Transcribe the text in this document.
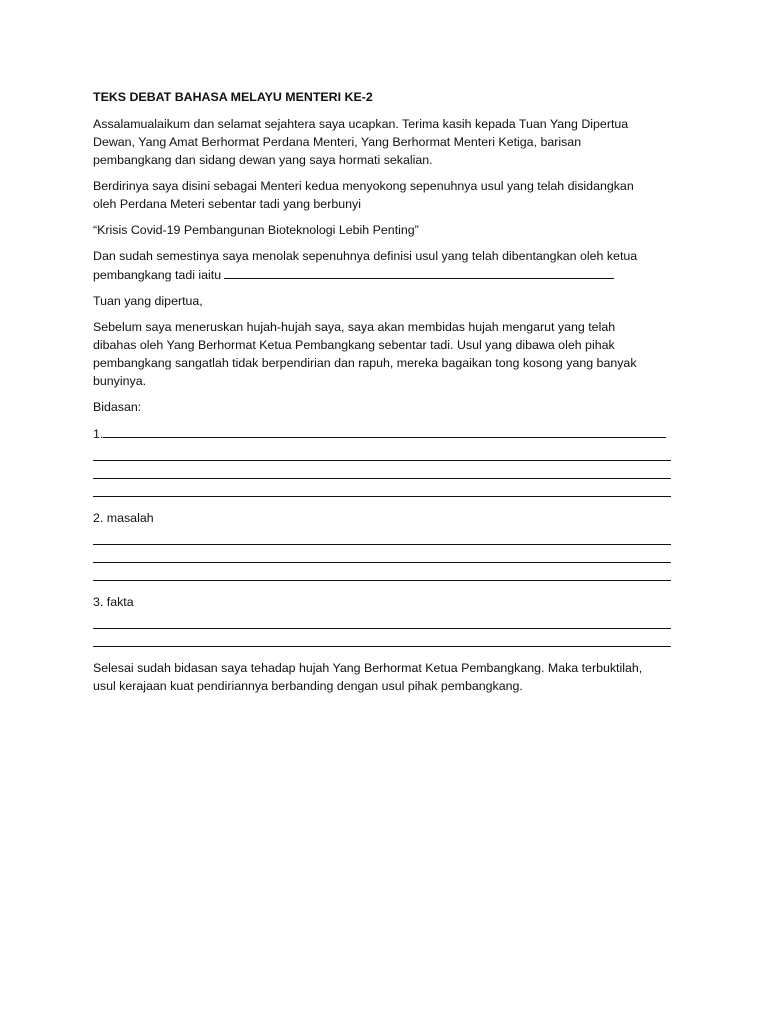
TEKS DEBAT BAHASA MELAYU MENTERI KE-2
Assalamualaikum dan selamat sejahtera saya ucapkan. Terima kasih kepada Tuan Yang Dipertua
Dewan, Yang Amat Berhormat Perdana Menteri, Yang Berhormat Menteri Ketiga, barisan
pembangkang dan sidang dewan yang saya hormati sekalian.
Berdirinya saya disini sebagai Menteri kedua menyokong sepenuhnya usul yang telah disidangkan
oleh Perdana Meteri sebentar tadi yang berbunyi
“Krisis Covid-19 Pembangunan Bioteknologi Lebih Penting”
Dan sudah semestinya saya menolak sepenuhnya definisi usul yang telah dibentangkan oleh ketua
pembangkang tadi iaitu
Tuan yang dipertua,
Sebelum saya meneruskan hujah-hujah saya, saya akan membidas hujah mengarut yang telah
dibahas oleh Yang Berhormat Ketua Pembangkang sebentar tadi. Usul yang dibawa oleh pihak
pembangkang sangatlah tidak berpendirian dan rapuh, mereka bagaikan tong kosong yang banyak
bunyinya.
Bidasan:
1.
2. masalah
3. fakta
Selesai sudah bidasan saya tehadap hujah Yang Berhormat Ketua Pembangkang. Maka terbuktilah,
usul kerajaan kuat pendiriannya berbanding dengan usul pihak pembangkang.
